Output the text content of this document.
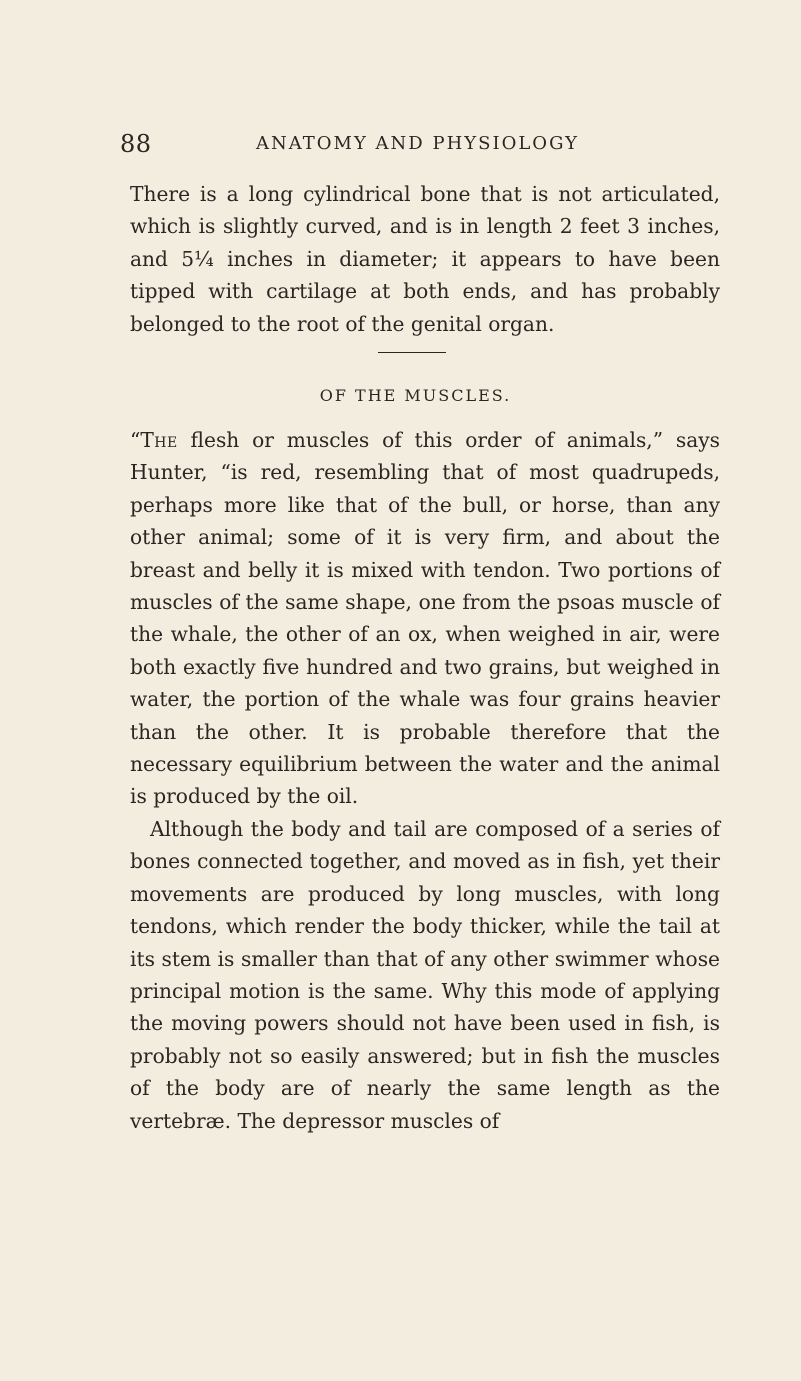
88	ANATOMY AND PHYSIOLOGY

There is a long cylindrical bone that is not articulated, which is slightly curved, and is in length 2 feet 3 inches, and 5¼ inches in diameter; it appears to have been tipped with cartilage at both ends, and has probably belonged to the root of the genital organ.

OF THE MUSCLES.

“The flesh or muscles of this order of animals,” says Hunter, “is red, resembling that of most quadrupeds, perhaps more like that of the bull, or horse, than any other animal; some of it is very firm, and about the breast and belly it is mixed with tendon. Two portions of muscles of the same shape, one from the psoas muscle of the whale, the other of an ox, when weighed in air, were both exactly five hundred and two grains, but weighed in water, the portion of the whale was four grains heavier than the other. It is probable therefore that the necessary equilibrium between the water and the animal is produced by the oil.

Although the body and tail are composed of a series of bones connected together, and moved as in fish, yet their movements are produced by long muscles, with long tendons, which render the body thicker, while the tail at its stem is smaller than that of any other swimmer whose principal motion is the same. Why this mode of applying the moving powers should not have been used in fish, is probably not so easily answered; but in fish the muscles of the body are of nearly the same length as the vertebræ. The depressor muscles of
